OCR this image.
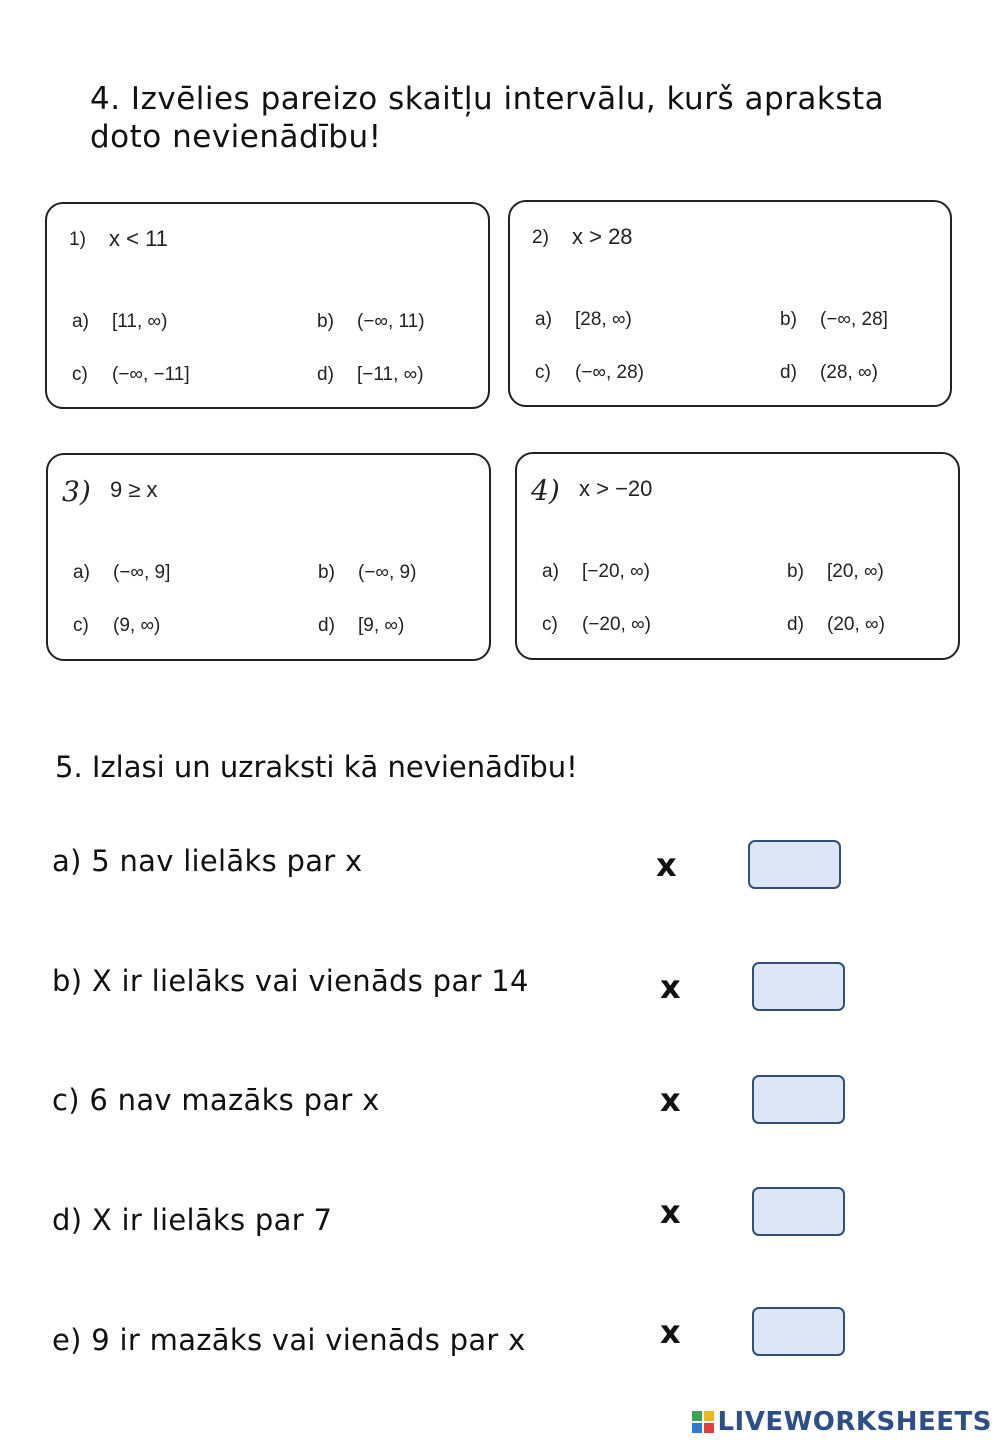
4. Izvēlies pareizo skaitļu intervālu, kurš apraksta doto nevienādību!
1) x < 11
a) [11, ∞)	b) (−∞, 11)
c) (−∞, −11]	d) [−11, ∞)
2) x > 28
a) [28, ∞)	b) (−∞, 28]
c) (−∞, 28)	d) (28, ∞)
3) 9 ≥ x
a) (−∞, 9]	b) (−∞, 9)
c) (9, ∞)	d) [9, ∞)
4) x > −20
a) [−20, ∞)	b) [20, ∞)
c) (−20, ∞)	d) (20, ∞)
5. Izlasi un uzraksti kā nevienādību!
a) 5 nav lielāks par x	x
b) X ir lielāks vai vienāds par 14	x
c) 6 nav mazāks par x	x
d) X ir lielāks par 7	x
e) 9 ir mazāks vai vienāds par x	x
LIVEWORKSHEETS
